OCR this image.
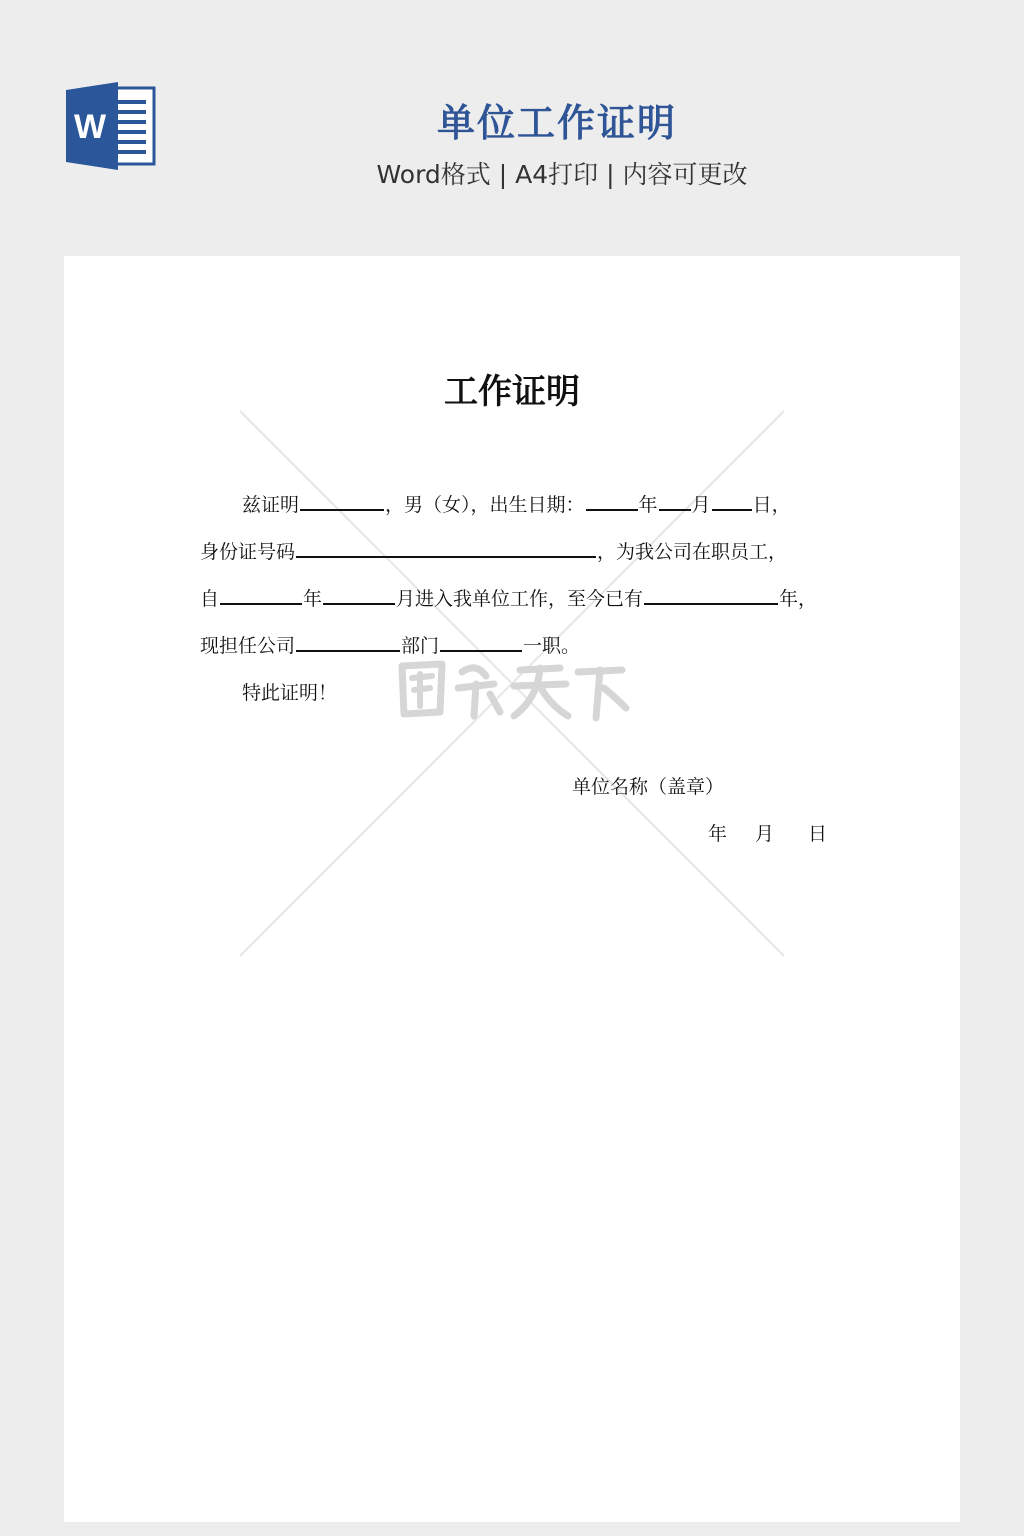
W	单位工作证明
Word格式 | A4打印 | 内容可更改
工作证明
兹证明	，男（女），出生日期：	年 月 日，
身份证号码	，为我公司在职员工，
自	年	月进入我单位工作，至今已有	年，
现担任公司	部门	一职。
特此证明！
单位名称（盖章）
年 月 日
